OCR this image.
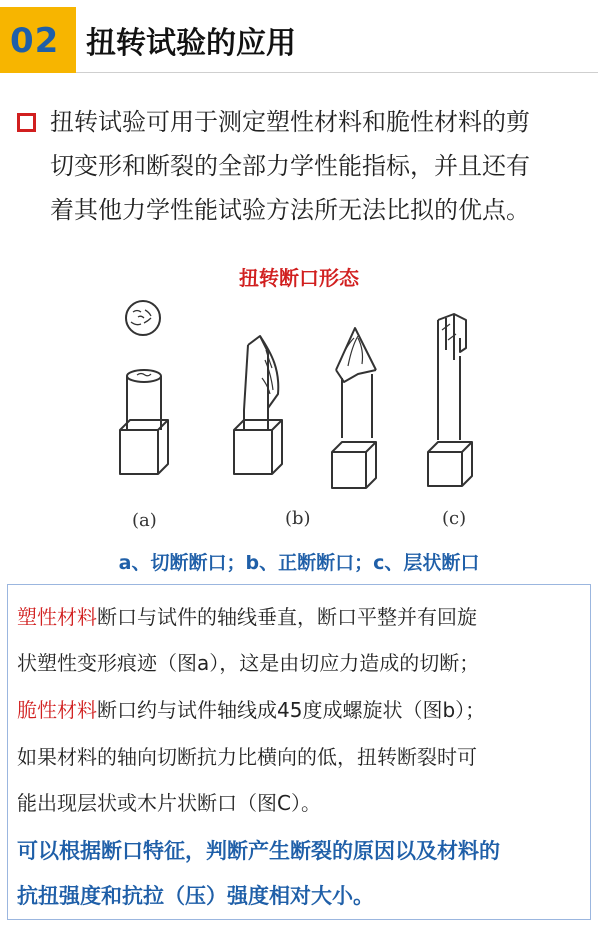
02 扭转试验的应用
扭转试验可用于测定塑性材料和脆性材料的剪
切变形和断裂的全部力学性能指标，并且还有
着其他力学性能试验方法所无法比拟的优点。
扭转断口形态
(a)	(b)	(c)
a、切断断口；b、正断断口；c、层状断口
塑性材料断口与试件的轴线垂直，断口平整并有回旋
状塑性变形痕迹（图a），这是由切应力造成的切断；
脆性材料断口约与试件轴线成45度成螺旋状（图b）；
如果材料的轴向切断抗力比横向的低，扭转断裂时可
能出现层状或木片状断口（图C）。
可以根据断口特征，判断产生断裂的原因以及材料的
抗扭强度和抗拉（压）强度相对大小。
